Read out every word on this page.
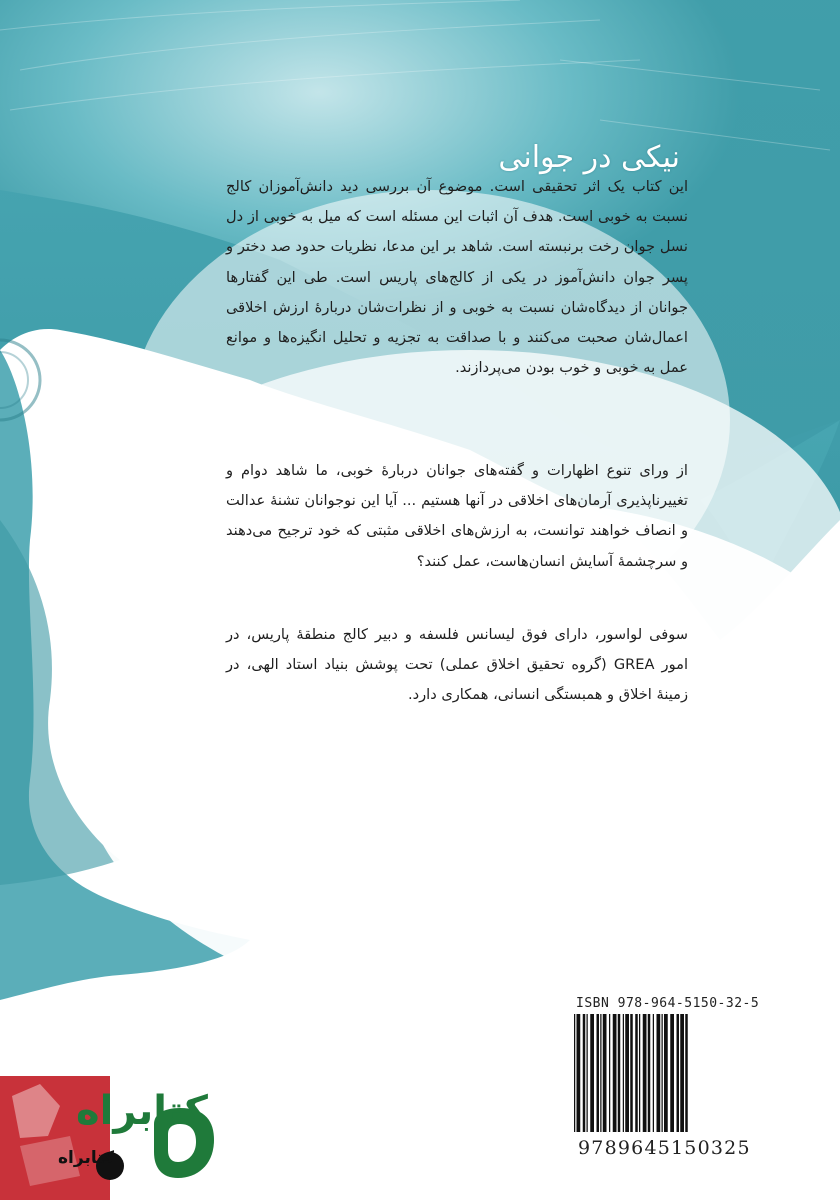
نیکی در جوانی

این کتاب یک اثر تحقیقی است. موضوع آن بررسی دید دانش‌آموزان کالج نسبت به خوبی است. هدف آن اثبات این مسئله است که میل به خوبی از دل نسل جوان رخت برنبسته است. شاهد بر این مدعا، نظریات حدود صد دختر و پسر جوان دانش‌آموز در یکی از کالج‌های پاریس است. طی این گفتارها جوانان از دیدگاه‌شان نسبت به خوبی و از نظرات‌شان دربارهٔ ارزش اخلاقی اعمال‌شان صحبت می‌کنند و با صداقت به تجزیه و تحلیل انگیزه‌ها و موانع عمل به خوبی و خوب بودن می‌پردازند.

از ورای تنوع اظهارات و گفته‌های جوانان دربارهٔ خوبی، ما شاهد دوام و تغییرناپذیری آرمان‌های اخلاقی در آنها هستیم ... آیا این نوجوانان تشنهٔ عدالت و انصاف خواهند توانست، به ارزش‌های اخلاقی مثبتی که خود ترجیح می‌دهند و سرچشمهٔ آسایش انسان‌هاست، عمل کنند؟

سوفی لواسور، دارای فوق لیسانس فلسفه و دبیر کالج منطقهٔ پاریس، در امور GREA (گروه تحقیق اخلاق عملی) تحت پوشش بنیاد استاد الهی، در زمینهٔ اخلاق و همبستگی انسانی، همکاری دارد.

ISBN 978-964-5150-32-5
9789645150325
کتابراه
کتابراه
